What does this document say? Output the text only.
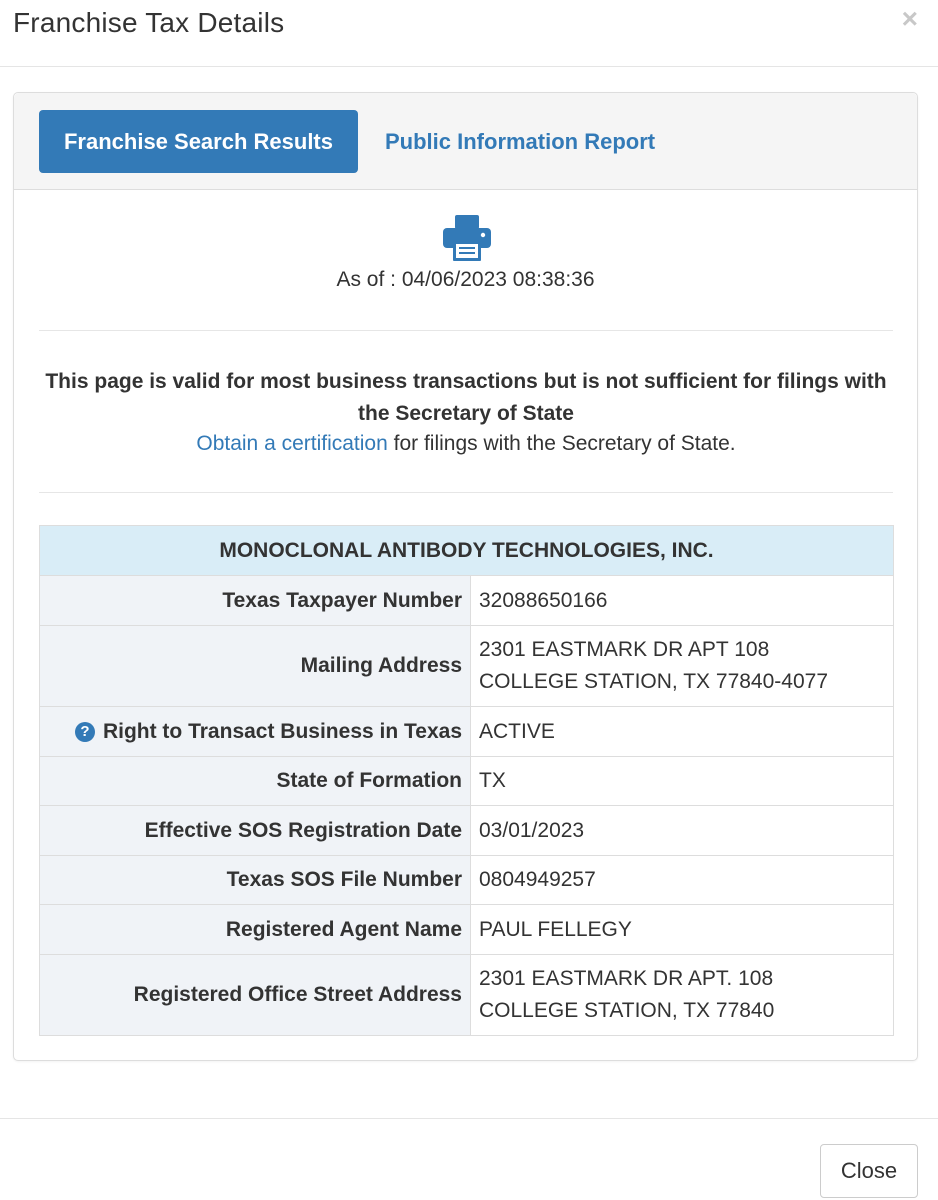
Franchise Tax Details	×
Franchise Search Results	Public Information Report
As of : 04/06/2023 08:38:36
This page is valid for most business transactions but is not sufficient for filings with the Secretary of State
Obtain a certification for filings with the Secretary of State.
MONOCLONAL ANTIBODY TECHNOLOGIES, INC.	
Texas Taxpayer Number	32088650166
Mailing Address	2301 EASTMARK DR APT 108
COLLEGE STATION, TX 77840-4077

? Right to Transact Business in Texas	ACTIVE
State of Formation	TX
Effective SOS Registration Date	03/01/2023
Texas SOS File Number	0804949257
Registered Agent Name	PAUL FELLEGY
Registered Office Street Address	2301 EASTMARK DR APT. 108
COLLEGE STATION, TX 77840
Close
